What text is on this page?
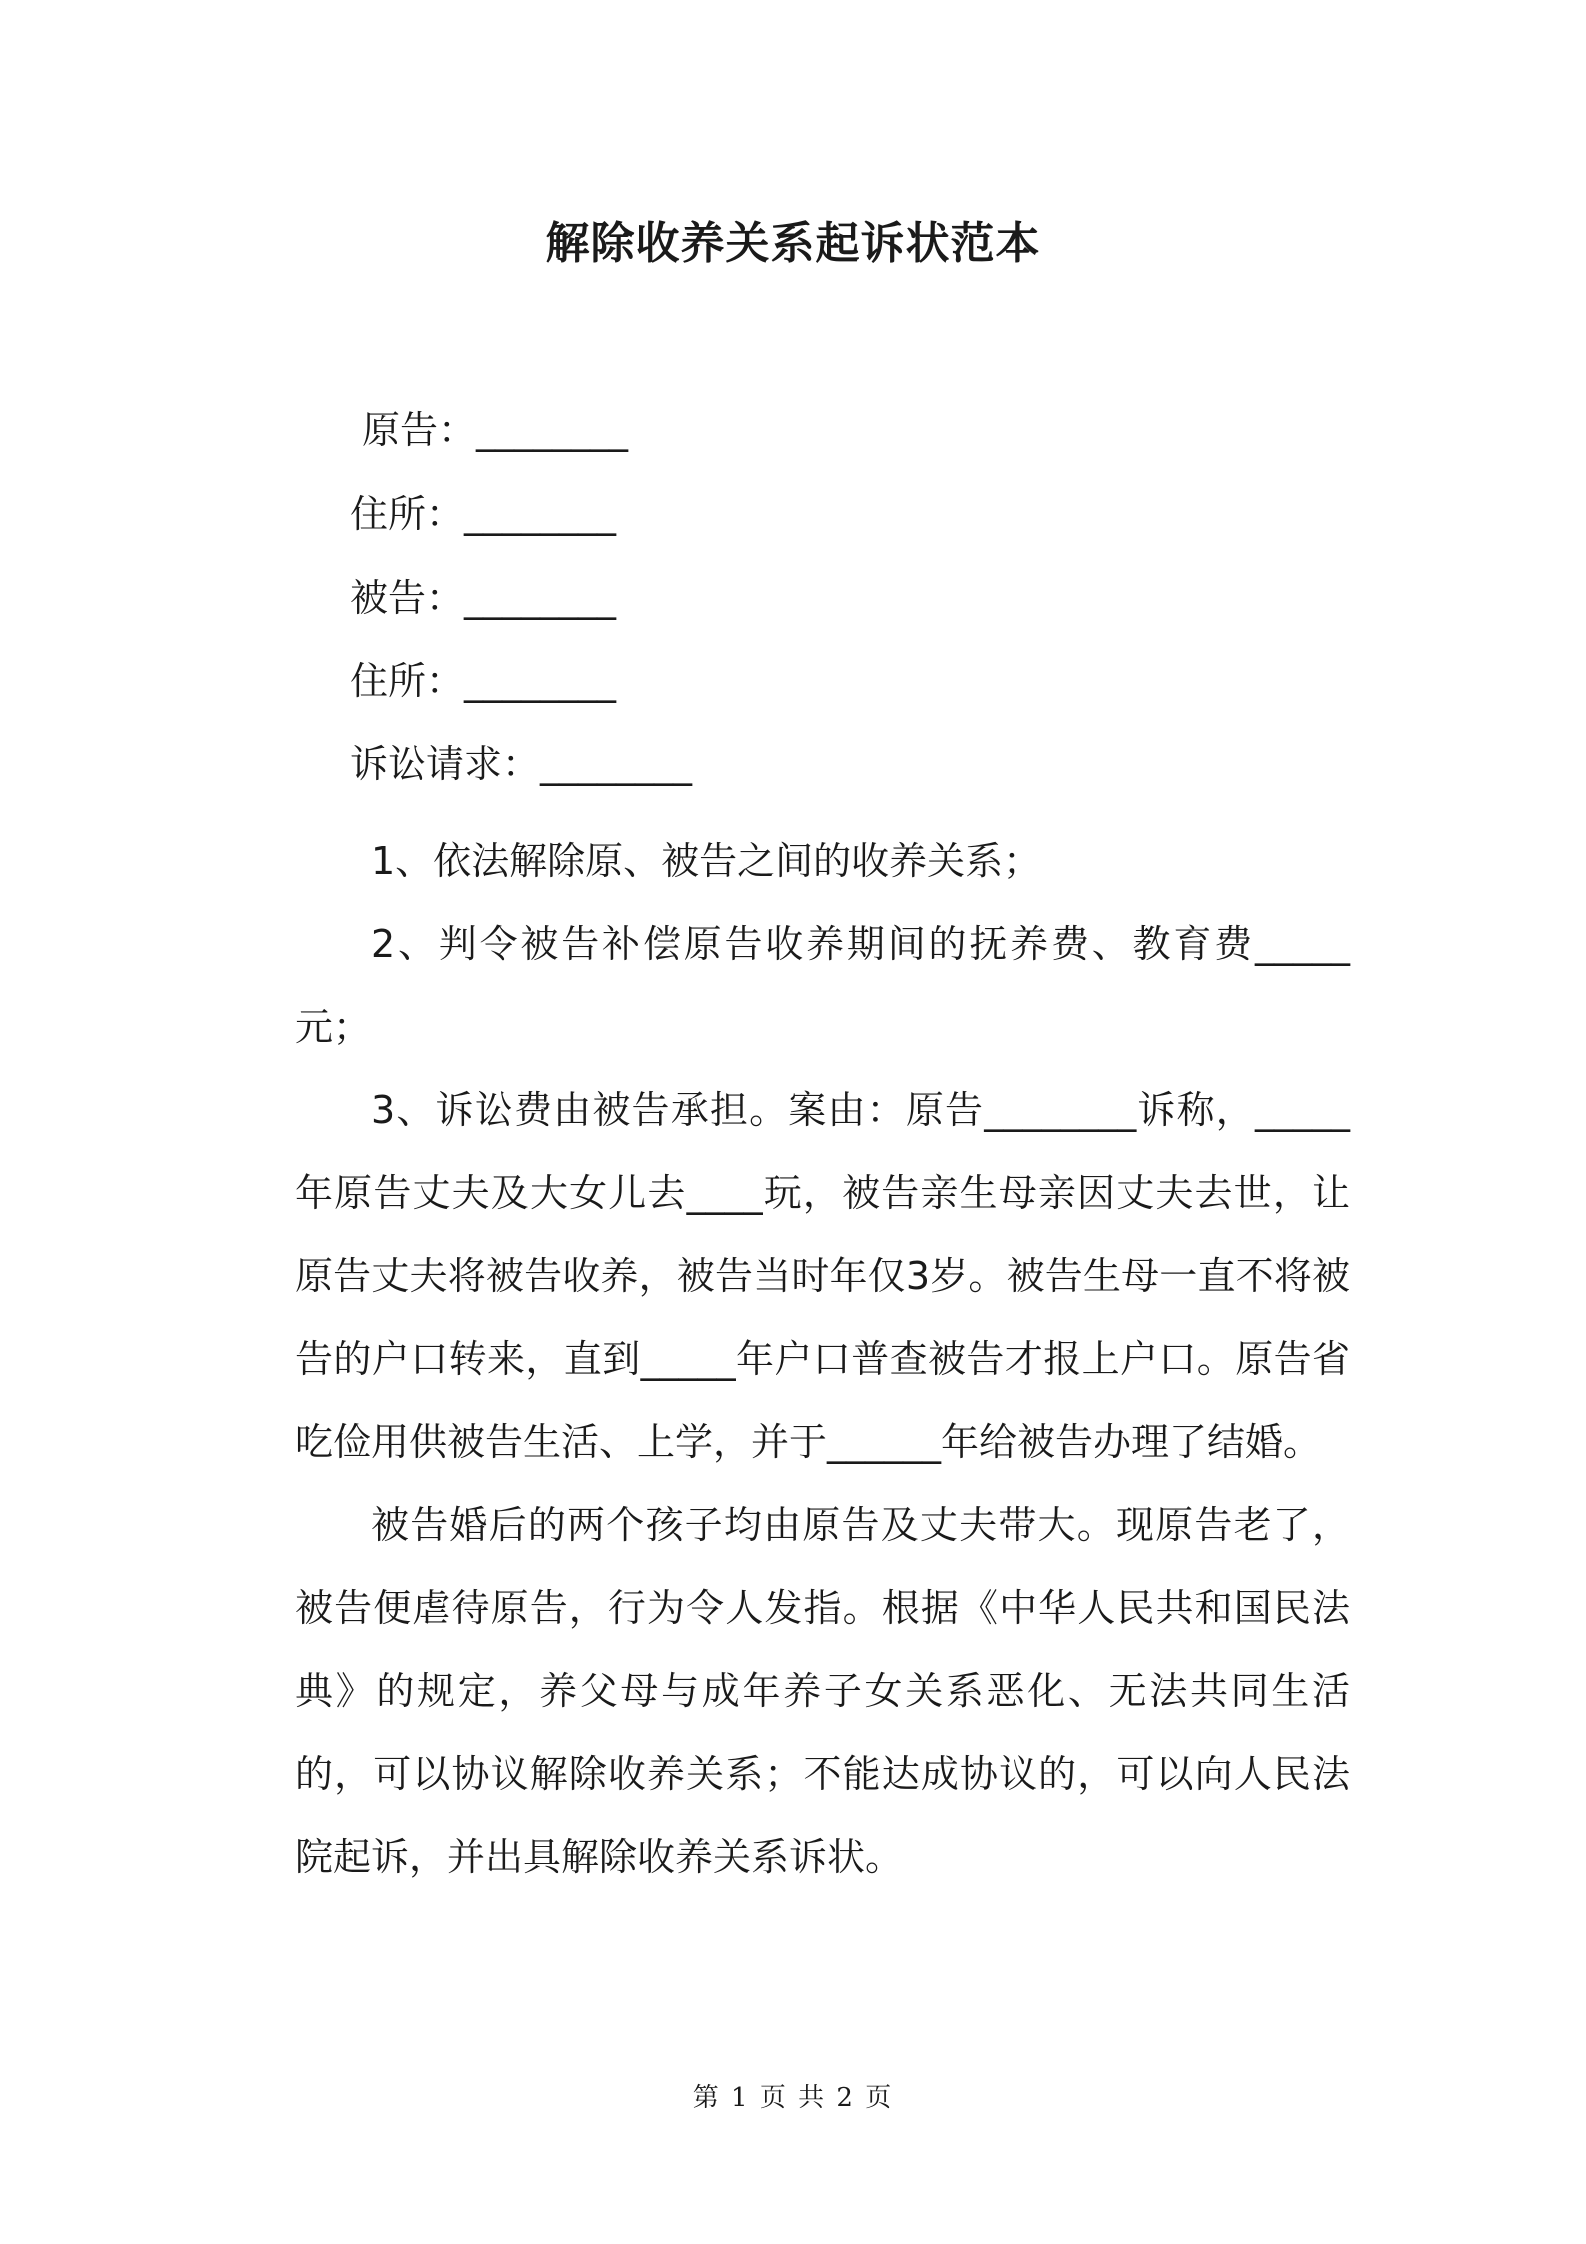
解除收养关系起诉状范本
原告：________
住所：________
被告：________
住所：________
诉讼请求：________

1、依法解除原、被告之间的收养关系；

2、判令被告补偿原告收养期间的抚养费、教育费_____元；

3、诉讼费由被告承担。案由：原告________诉称，_____年原告丈夫及大女儿去____玩，被告亲生母亲因丈夫去世，让原告丈夫将被告收养，被告当时年仅3岁。被告生母一直不将被告的户口转来，直到_____年户口普查被告才报上户口。原告省吃俭用供被告生活、上学，并于______年给被告办理了结婚。

被告婚后的两个孩子均由原告及丈夫带大。现原告老了，被告便虐待原告，行为令人发指。根据《中华人民共和国民法典》的规定，养父母与成年养子女关系恶化、无法共同生活的，可以协议解除收养关系；不能达成协议的，可以向人民法院起诉，并出具解除收养关系诉状。

第 1 页 共 2 页
